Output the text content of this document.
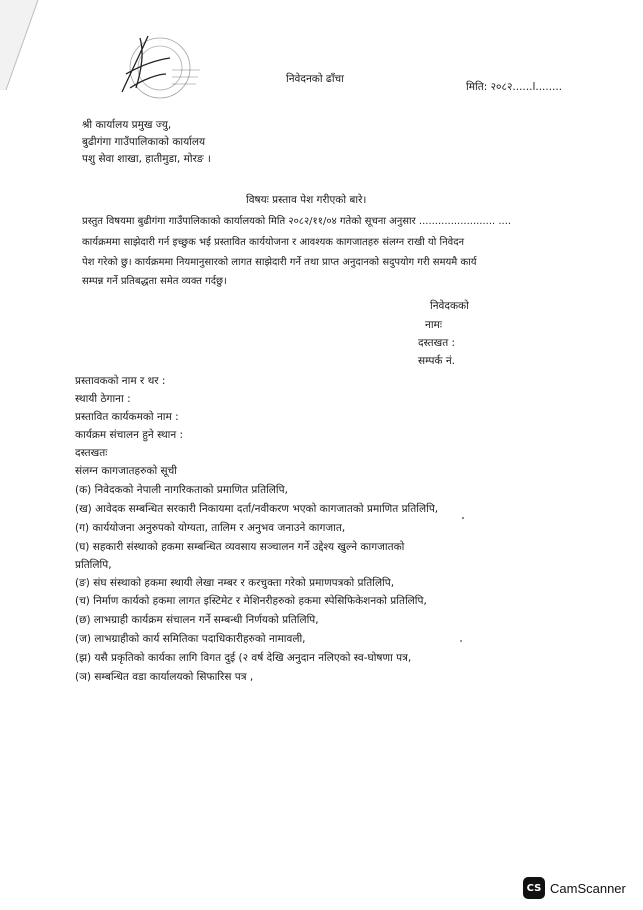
निवेदनको ढाँचा
मिति: २०८२......l........
श्री कार्यालय प्रमुख ज्यु,
बुढीगंगा गाउँपालिकाको कार्यालय
पशु सेवा शाखा, हातीमुडा, मोरङ ।
विषयः प्रस्ताव पेश गरीएको बारे।
प्रस्तुत विषयमा बुढीगंगा गाउँपालिकाको कार्यालयको मिति २०८२/११/०४ गतेको सूचना अनुसार ........................ ....
कार्यक्रममा साझेदारी गर्न इच्छुक भई प्रस्तावित कार्ययोजना र आवश्यक कागजातहरु संलग्न राखी यो निवेदन
पेश गरेको छु। कार्यक्रममा नियमानुसारको लागत साझेदारी गर्ने तथा प्राप्त अनुदानको सदुपयोग गरी समयमै कार्य
सम्पन्न गर्ने प्रतिबद्धता समेत व्यक्त गर्दछु।
निवेदकको
नामः
दस्तखत :
सम्पर्क नं.
प्रस्तावकको नाम र थर :
स्थायी ठेगाना :
प्रस्तावित कार्यकमको नाम :
कार्यक्रम संचालन हुने स्थान :
दस्तखतः
संलग्न कागजातहरुको सूची
(क) निवेदकको नेपाली नागरिकताको प्रमाणित प्रतिलिपि,
(ख) आवेदक सम्बन्धित सरकारी निकायमा दर्ता/नवीकरण भएको कागजातको प्रमाणित प्रतिलिपि,
(ग) कार्ययोजना अनुरुपको योग्यता, तालिम र अनुभव जनाउने कागजात,
(घ) सहकारी संस्थाको हकमा सम्बन्धित व्यवसाय सञ्चालन गर्ने उद्देश्य खुल्ने कागजातको
प्रतिलिपि,
(ङ) संघ संस्थाको हकमा स्थायी लेखा नम्बर र करचुक्ता गरेको प्रमाणपत्रको प्रतिलिपि,
(च) निर्माण कार्यको हकमा लागत इस्टिमेट र मेशिनरीहरुको हकमा स्पेसिफिकेशनको प्रतिलिपि,
(छ) लाभग्राही कार्यक्रम संचालन गर्ने सम्बन्धी निर्णयको प्रतिलिपि,
(ज) लाभग्राहीको कार्य समितिका पदाधिकारीहरुको नामावली,
(झ) यसै प्रकृतिको कार्यका लागि विगत दुई (२ वर्ष देखि अनुदान नलिएको स्व-घोषणा पत्र,
(ञ) सम्बन्धित वडा कार्यालयको सिफारिस पत्र ,
CS CamScanner
